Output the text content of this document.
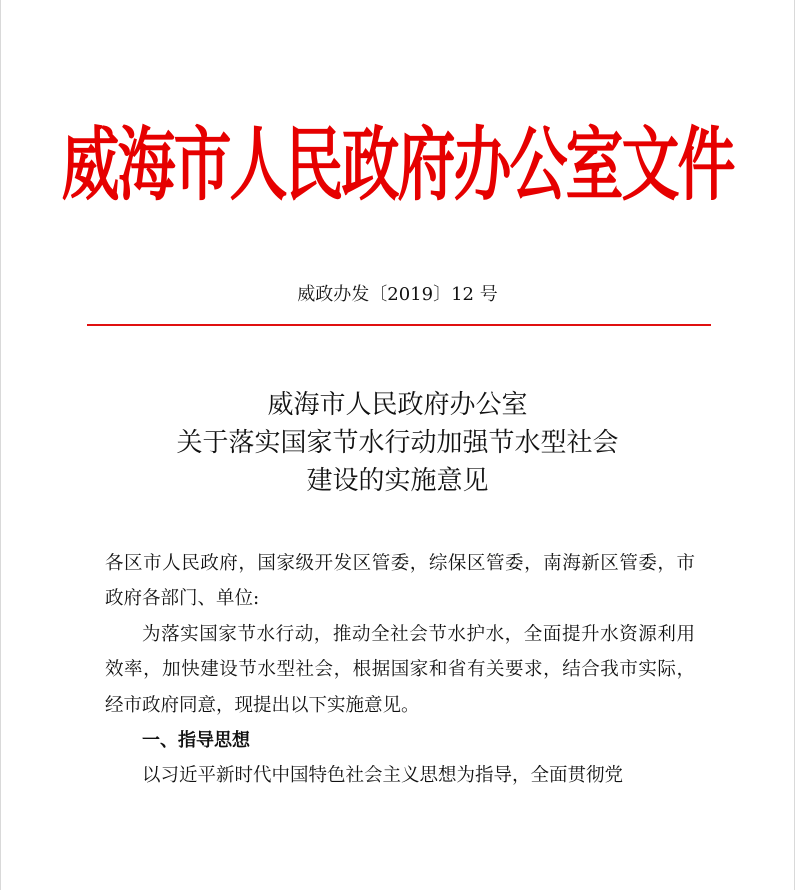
威海市人民政府办公室文件
威政办发〔2019〕12 号
威海市人民政府办公室
关于落实国家节水行动加强节水型社会
建设的实施意见

各区市人民政府，国家级开发区管委，综保区管委，南海新区管委，市政府各部门、单位:

为落实国家节水行动，推动全社会节水护水，全面提升水资源利用效率，加快建设节水型社会，根据国家和省有关要求，结合我市实际，经市政府同意，现提出以下实施意见。

一、指导思想

以习近平新时代中国特色社会主义思想为指导，全面贯彻党
